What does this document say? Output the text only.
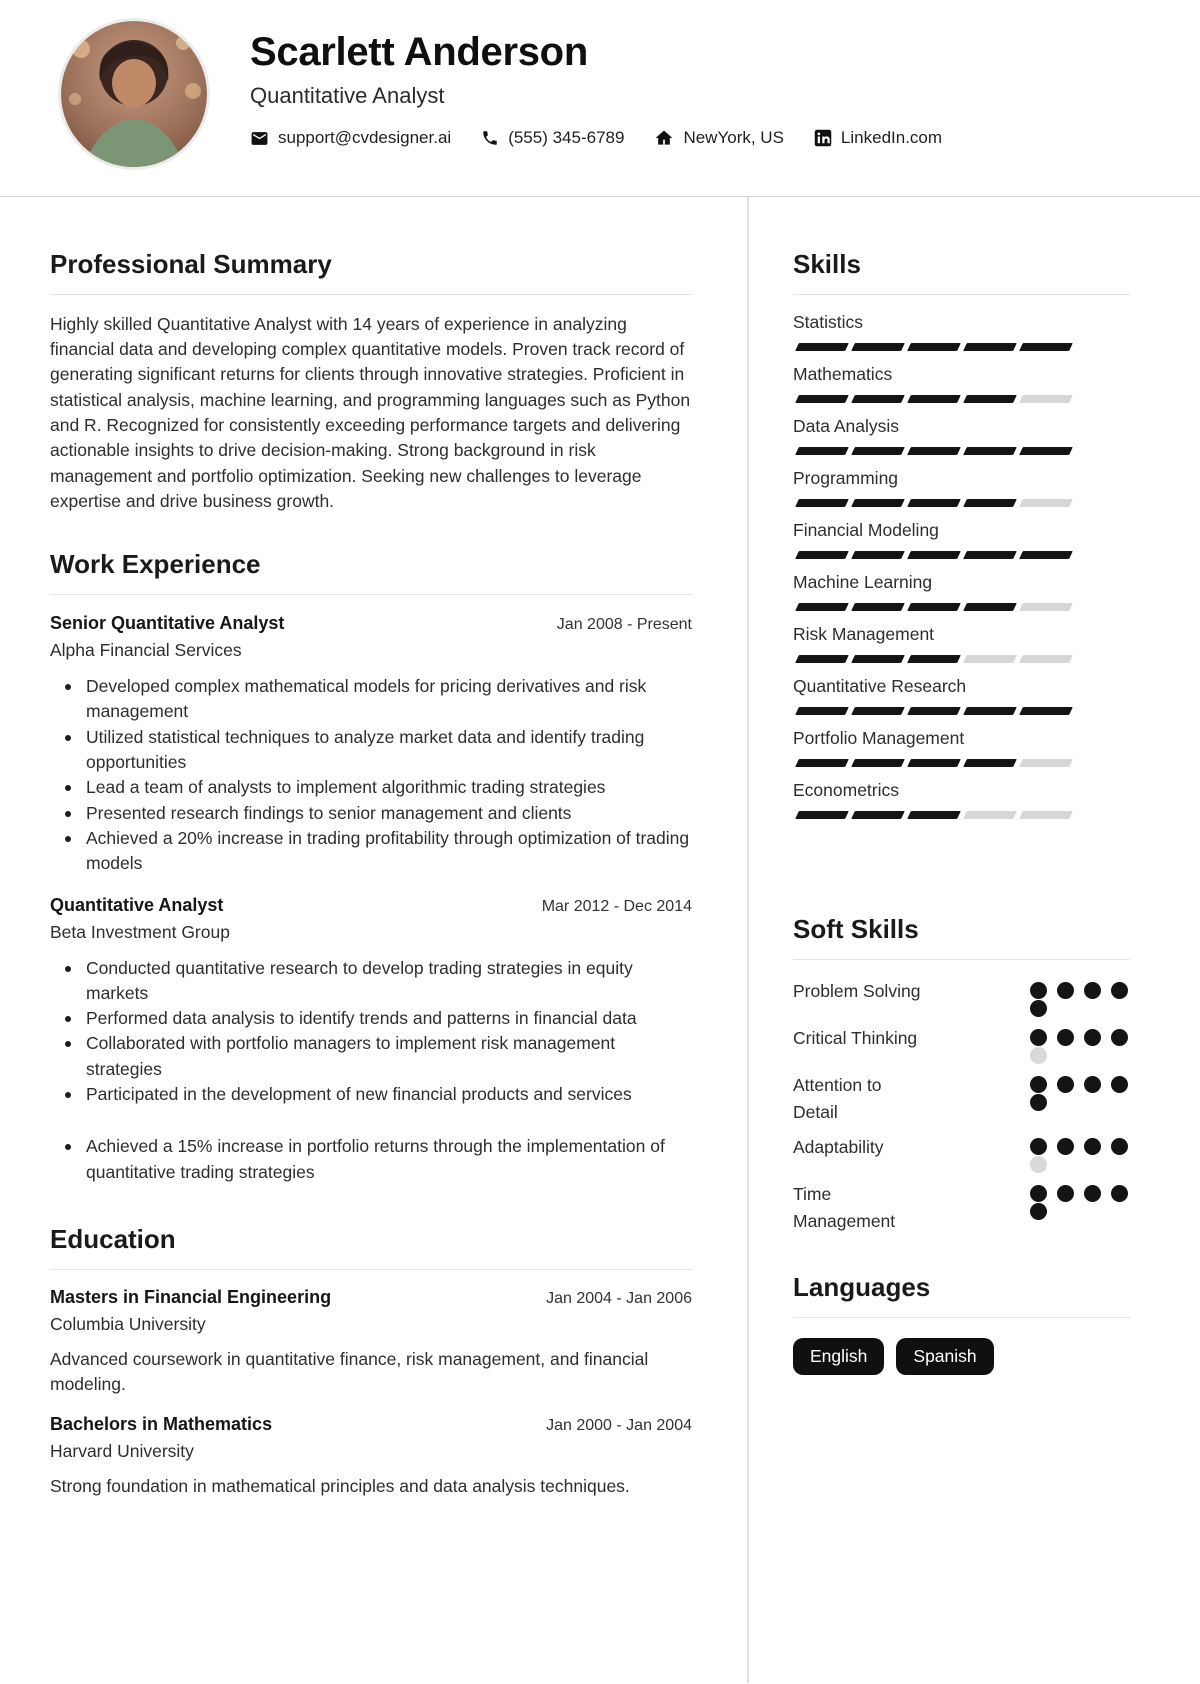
Scarlett Anderson
Quantitative Analyst
support@cvdesigner.ai	(555) 345-6789	NewYork, US	LinkedIn.com
Professional Summary

Highly skilled Quantitative Analyst with 14 years of experience in analyzing financial data and developing complex quantitative models. Proven track record of generating significant returns for clients through innovative strategies. Proficient in statistical analysis, machine learning, and programming languages such as Python and R. Recognized for consistently exceeding performance targets and delivering actionable insights to drive decision-making. Strong background in risk management and portfolio optimization. Seeking new challenges to leverage expertise and drive business growth.

Work Experience
Senior Quantitative Analyst	Jan 2008 - Present
Alpha Financial Services
Developed complex mathematical models for pricing derivatives and risk management
Utilized statistical techniques to analyze market data and identify trading opportunities
Lead a team of analysts to implement algorithmic trading strategies
Presented research findings to senior management and clients
Achieved a 20% increase in trading profitability through optimization of trading models
Quantitative Analyst	Mar 2012 - Dec 2014
Beta Investment Group
Conducted quantitative research to develop trading strategies in equity markets
Performed data analysis to identify trends and patterns in financial data
Collaborated with portfolio managers to implement risk management strategies
Participated in the development of new financial products and services
Achieved a 15% increase in portfolio returns through the implementation of quantitative trading strategies
Education
Masters in Financial Engineering	Jan 2004 - Jan 2006
Columbia University
Advanced coursework in quantitative finance, risk management, and financial modeling.
Bachelors in Mathematics	Jan 2000 - Jan 2004
Harvard University
Strong foundation in mathematical principles and data analysis techniques.
Skills
Statistics
Mathematics
Data Analysis
Programming
Financial Modeling
Machine Learning
Risk Management
Quantitative Research
Portfolio Management
Econometrics
Soft Skills
Problem Solving
Critical Thinking
Attention to Detail
Adaptability
Time Management
Languages
English	Spanish
